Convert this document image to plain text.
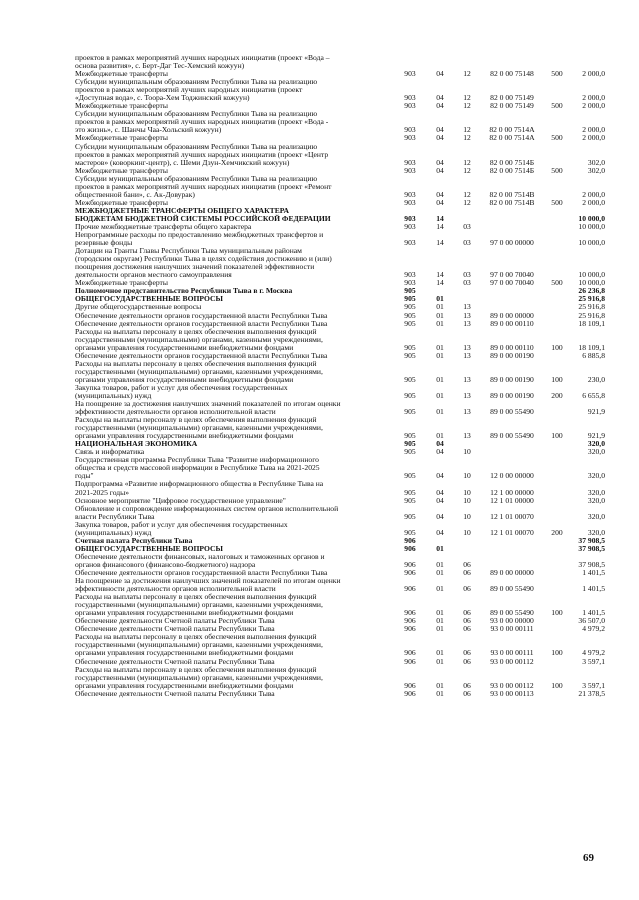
проектов в рамках мероприятий лучших народных инициатив (проект «Вода –
основа развития», с. Берт-Даг Тес-Хемский кожуун)						
Межбюджетные трансферты	903	04	12	82 0 00 75148	500	2 000,0
Субсидии муниципальным образованиям Республики Тыва на реализацию
проектов в рамках мероприятий лучших народных инициатив (проект
«Доступная вода», с. Тоора-Хем Тоджинский кожуун)	903	04	12	82 0 00 75149		2 000,0
Межбюджетные трансферты	903	04	12	82 0 00 75149	500	2 000,0
Субсидии муниципальным образованиям Республики Тыва на реализацию
проектов в рамках мероприятий лучших народных инициатив (проект «Вода -
это жизнь», с. Шанчы Чаа-Хольский кожуун)	903	04	12	82 0 00 7514А		2 000,0
Межбюджетные трансферты	903	04	12	82 0 00 7514А	500	2 000,0
Субсидии муниципальным образованиям Республики Тыва на реализацию
проектов в рамках мероприятий лучших народных инициатив (проект «Центр
мастеров» (коворкинг-центр), с. Шеми Дзун-Хемчикский кожуун)	903	04	12	82 0 00 7514Б		302,0
Межбюджетные трансферты	903	04	12	82 0 00 7514Б	500	302,0
Субсидии муниципальным образованиям Республики Тыва на реализацию
проектов в рамках мероприятий лучших народных инициатив (проект «Ремонт
общественной бани», с. Ак-Довурак)	903	04	12	82 0 00 7514В		2 000,0
Межбюджетные трансферты	903	04	12	82 0 00 7514В	500	2 000,0
МЕЖБЮДЖЕТНЫЕ ТРАНСФЕРТЫ ОБЩЕГО ХАРАКТЕРА
БЮДЖЕТАМ БЮДЖЕТНОЙ СИСТЕМЫ РОССИЙСКОЙ ФЕДЕРАЦИИ	903	14				10 000,0
Прочие межбюджетные трансферты общего характера	903	14	03			10 000,0
Непрограммные расходы по предоставлению межбюджетных трансфертов и
резервные фонды	903	14	03	97 0 00 00000		10 000,0
Дотации на Гранты Главы Республики Тыва муниципальным районам
(городским округам) Республики Тыва в целях содействия достижению и (или)
поощрения достижения наилучших значений показателей эффективности
деятельности органов местного самоуправления	903	14	03	97 0 00 70040		10 000,0
Межбюджетные трансферты	903	14	03	97 0 00 70040	500	10 000,0
Полномочное представительство Республики Тыва в г. Москва	905					26 236,8
ОБЩЕГОСУДАРСТВЕННЫЕ ВОПРОСЫ	905	01				25 916,8
Другие общегосударственные вопросы	905	01	13			25 916,8
Обеспечение деятельности органов государственной власти Республики Тыва	905	01	13	89 0 00 00000		25 916,8
Обеспечение деятельности органов государственной власти Республики Тыва	905	01	13	89 0 00 00110		18 109,1
Расходы на выплаты персоналу в целях обеспечения выполнения функций
государственными (муниципальными) органами, казенными учреждениями,
органами управления государственными внебюджетными фондами	905	01	13	89 0 00 00110	100	18 109,1
Обеспечение деятельности органов государственной власти Республики Тыва	905	01	13	89 0 00 00190		6 885,8
Расходы на выплаты персоналу в целях обеспечения выполнения функций
государственными (муниципальными) органами, казенными учреждениями,
органами управления государственными внебюджетными фондами	905	01	13	89 0 00 00190	100	230,0
Закупка товаров, работ и услуг для обеспечения государственных
(муниципальных) нужд	905	01	13	89 0 00 00190	200	6 655,8
На поощрение за достижения наилучших значений показателей по итогам оценки
эффективности деятельности органов исполнительной власти	905	01	13	89 0 00 55490		921,9
Расходы на выплаты персоналу в целях обеспечения выполнения функций
государственными (муниципальными) органами, казенными учреждениями,
органами управления государственными внебюджетными фондами	905	01	13	89 0 00 55490	100	921,9
НАЦИОНАЛЬНАЯ ЭКОНОМИКА	905	04				320,0
Связь и информатика	905	04	10			320,0
Государственная программа Республики Тыва "Развитие информационного
общества и средств массовой информации в Республике Тыва на 2021-2025
годы"	905	04	10	12 0 00 00000		320,0
Подпрограмма «Развитие информационного общества в Республике Тыва на
2021-2025 годы»	905	04	10	12 1 00 00000		320,0
Основное мероприятие "Цифровое государственное управление"	905	04	10	12 1 01 00000		320,0
Обновление и сопровождение информационных систем органов исполнительной
власти Республики Тыва	905	04	10	12 1 01 00070		320,0
Закупка товаров, работ и услуг для обеспечения государственных
(муниципальных) нужд	905	04	10	12 1 01 00070	200	320,0
Счетная палата Республики Тыва	906					37 908,5
ОБЩЕГОСУДАРСТВЕННЫЕ ВОПРОСЫ	906	01				37 908,5
Обеспечение деятельности финансовых, налоговых и таможенных органов и
органов финансового (финансово-бюджетного) надзора	906	01	06			37 908,5
Обеспечение деятельности органов государственной власти Республики Тыва	906	01	06	89 0 00 00000		1 401,5
На поощрение за достижения наилучших значений показателей по итогам оценки
эффективности деятельности органов исполнительной власти	906	01	06	89 0 00 55490		1 401,5
Расходы на выплаты персоналу в целях обеспечения выполнения функций
государственными (муниципальными) органами, казенными учреждениями,
органами управления государственными внебюджетными фондами	906	01	06	89 0 00 55490	100	1 401,5
Обеспечение деятельности Счетной палаты Республики Тыва	906	01	06	93 0 00 00000		36 507,0
Обеспечение деятельности Счетной палаты Республики Тыва	906	01	06	93 0 00 00111		4 979,2
Расходы на выплаты персоналу в целях обеспечения выполнения функций
государственными (муниципальными) органами, казенными учреждениями,
органами управления государственными внебюджетными фондами	906	01	06	93 0 00 00111	100	4 979,2
Обеспечение деятельности Счетной палаты Республики Тыва	906	01	06	93 0 00 00112		3 597,1
Расходы на выплаты персоналу в целях обеспечения выполнения функций
государственными (муниципальными) органами, казенными учреждениями,
органами управления государственными внебюджетными фондами	906	01	06	93 0 00 00112	100	3 597,1
Обеспечение деятельности Счетной палаты Республики Тыва	906	01	06	93 0 00 00113		21 378,5
69
